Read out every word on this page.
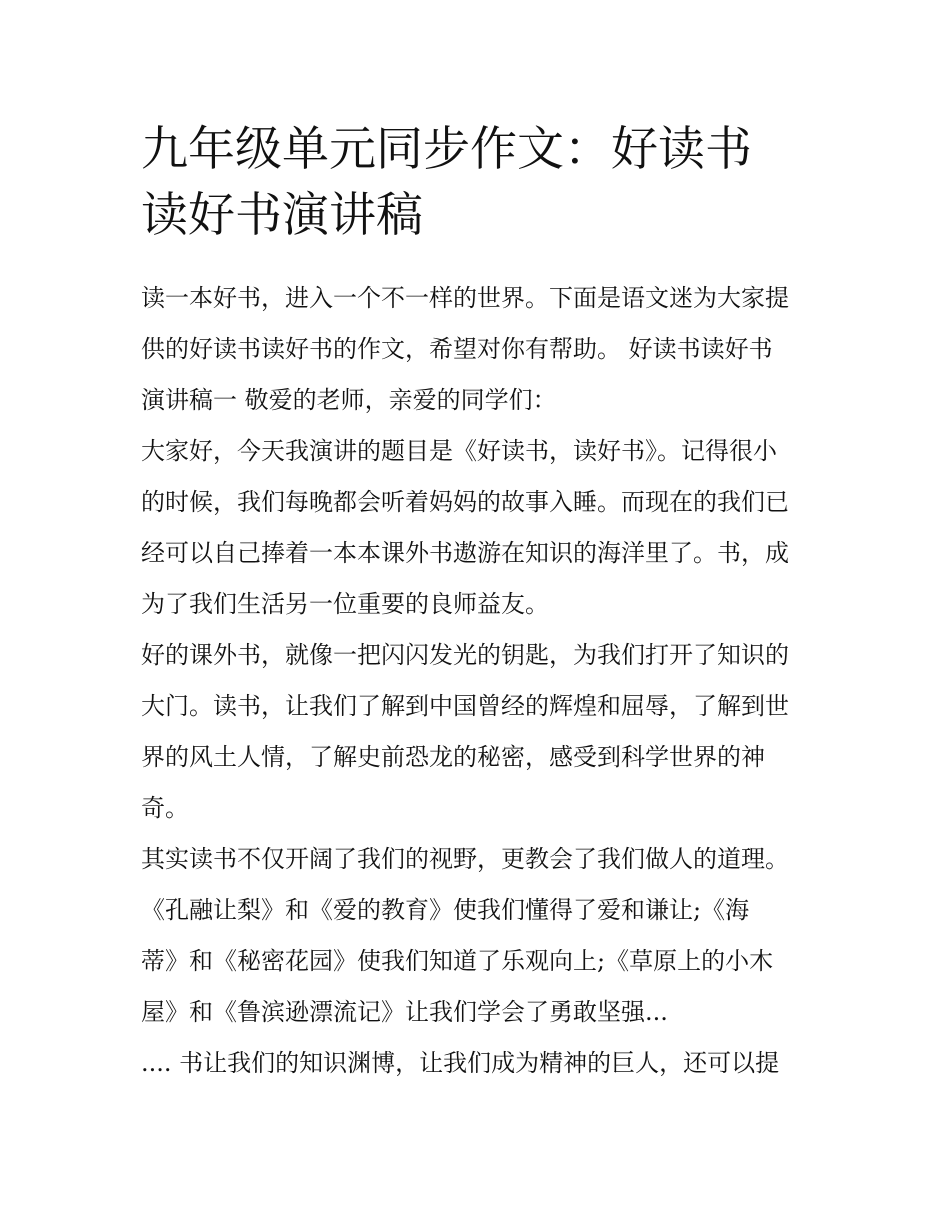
九年级单元同步作文：好读书
读好书演讲稿
读一本好书，进入一个不一样的世界。下面是语文迷为大家提
供的好读书读好书的作文，希望对你有帮助。 好读书读好书
演讲稿一 敬爱的老师，亲爱的同学们：
大家好，今天我演讲的题目是《好读书，读好书》。记得很小
的时候，我们每晚都会听着妈妈的故事入睡。而现在的我们已
经可以自己捧着一本本课外书遨游在知识的海洋里了。书，成
为了我们生活另一位重要的良师益友。
好的课外书，就像一把闪闪发光的钥匙，为我们打开了知识的
大门。读书，让我们了解到中国曾经的辉煌和屈辱，了解到世
界的风土人情，了解史前恐龙的秘密，感受到科学世界的神
奇。
其实读书不仅开阔了我们的视野，更教会了我们做人的道理。
《孔融让梨》和《爱的教育》使我们懂得了爱和谦让;《海
蒂》和《秘密花园》使我们知道了乐观向上;《草原上的小木
屋》和《鲁滨逊漂流记》让我们学会了勇敢坚强...
.... 书让我们的知识渊博，让我们成为精神的巨人，还可以提
